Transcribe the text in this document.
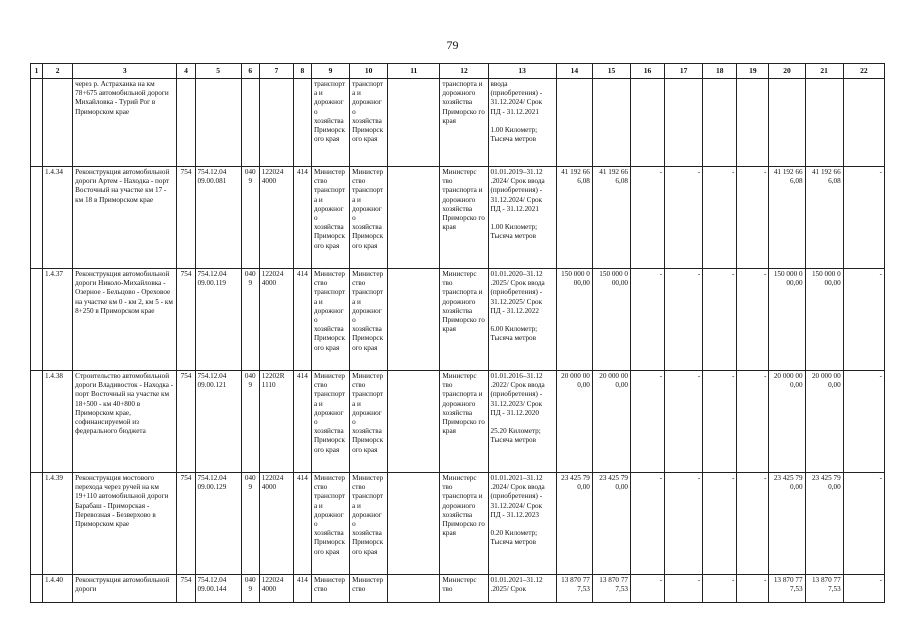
79
1	2	3	4	5	6	7	8	9	10	11	12	13	14	15	16	17	18	19	20	21	22
		через р. Астраханка на км 78+675 автомобильной дороги Михайловка - Турий Рог в Приморском крае						транспорт а и дорожног о хозяйства Приморск ого края	транспорт а и дорожног о хозяйства Приморск ого края		транспорта и дорожного хозяйства Приморско го края	ввода (приобретения) - 31.12.2024/ Срок ПД - 31.12.2021

1.00 Километр; Тысяча метров									
	1.4.34	Реконструкция автомобильной дороги Артем - Находка - порт Восточный на участке км 17 - км 18 в Приморском крае	754	754.12.04 09.00.081	0409	122024 4000	414	Министер ство транспорт а и дорожног о хозяйства Приморск ого края	Министер ство транспорт а и дорожног о хозяйства Приморск ого края		Министерс тво транспорта и дорожного хозяйства Приморско го края	01.01.2019–31.12 .2024/ Срок ввода (приобретения) - 31.12.2024/ Срок ПД - 31.12.2021

1.00 Километр; Тысяча метров	41 192 66 6,08	41 192 66 6,08	-	-	-	-	41 192 66 6,08	41 192 66 6,08	-
	1.4.37	Реконструкция автомобильной дороги Николо-Михайловка - Озерное - Бельцово - Ореховое на участке км 0 - км 2, км 5 - км 8+250 в Приморском крае	754	754.12.04 09.00.119	0409	122024 4000	414	Министер ство транспорт а и дорожног о хозяйства Приморск ого края	Министер ство транспорт а и дорожног о хозяйства Приморск ого края		Министерс тво транспорта и дорожного хозяйства Приморско го края	01.01.2020–31.12 .2025/ Срок ввода (приобретения) - 31.12.2025/ Срок ПД - 31.12.2022

6.00 Километр; Тысяча метров	150 000 0 00,00	150 000 0 00,00	-	-	-	-	150 000 0 00,00	150 000 0 00,00	-
	1.4.38	Строительство автомобильной дороги Владивосток - Находка - порт Восточный на участке км 18+500 - км 40+800 в Приморском крае, софинансируемой из федерального бюджета	754	754.12.04 09.00.121	0409	12202R 1110	414	Министер ство транспорт а и дорожног о хозяйства Приморск ого края	Министер ство транспорт а и дорожног о хозяйства Приморск ого края		Министерс тво транспорта и дорожного хозяйства Приморско го края	01.01.2016–31.12 .2022/ Срок ввода (приобретения) - 31.12.2023/ Срок ПД - 31.12.2020

25.20 Километр; Тысяча метров	20 000 00 0,00	20 000 00 0,00	-	-	-	-	20 000 00 0,00	20 000 00 0,00	-
	1.4.39	Реконструкция мостового перехода через ручей на км 19+110 автомобильной дороги Барабаш - Приморская - Перевозная - Безверхово в Приморском крае	754	754.12.04 09.00.129	0409	122024 4000	414	Министер ство транспорт а и дорожног о хозяйства Приморск ого края	Министер ство транспорт а и дорожног о хозяйства Приморск ого края		Министерс тво транспорта и дорожного хозяйства Приморско го края	01.01.2021–31.12 .2024/ Срок ввода (приобретения) - 31.12.2024/ Срок ПД - 31.12.2023

0.20 Километр; Тысяча метров	23 425 79 0,00	23 425 79 0,00	-	-	-	-	23 425 79 0,00	23 425 79 0,00	-
	1.4.40	Реконструкция автомобильной дороги	754	754.12.04 09.00.144	0409	122024 4000	414	Министер ство	Министер ство		Министерс тво	01.01.2021–31.12 .2025/ Срок	13 870 77 7,53	13 870 77 7,53	-	-	-	-	13 870 77 7,53	13 870 77 7,53	-
